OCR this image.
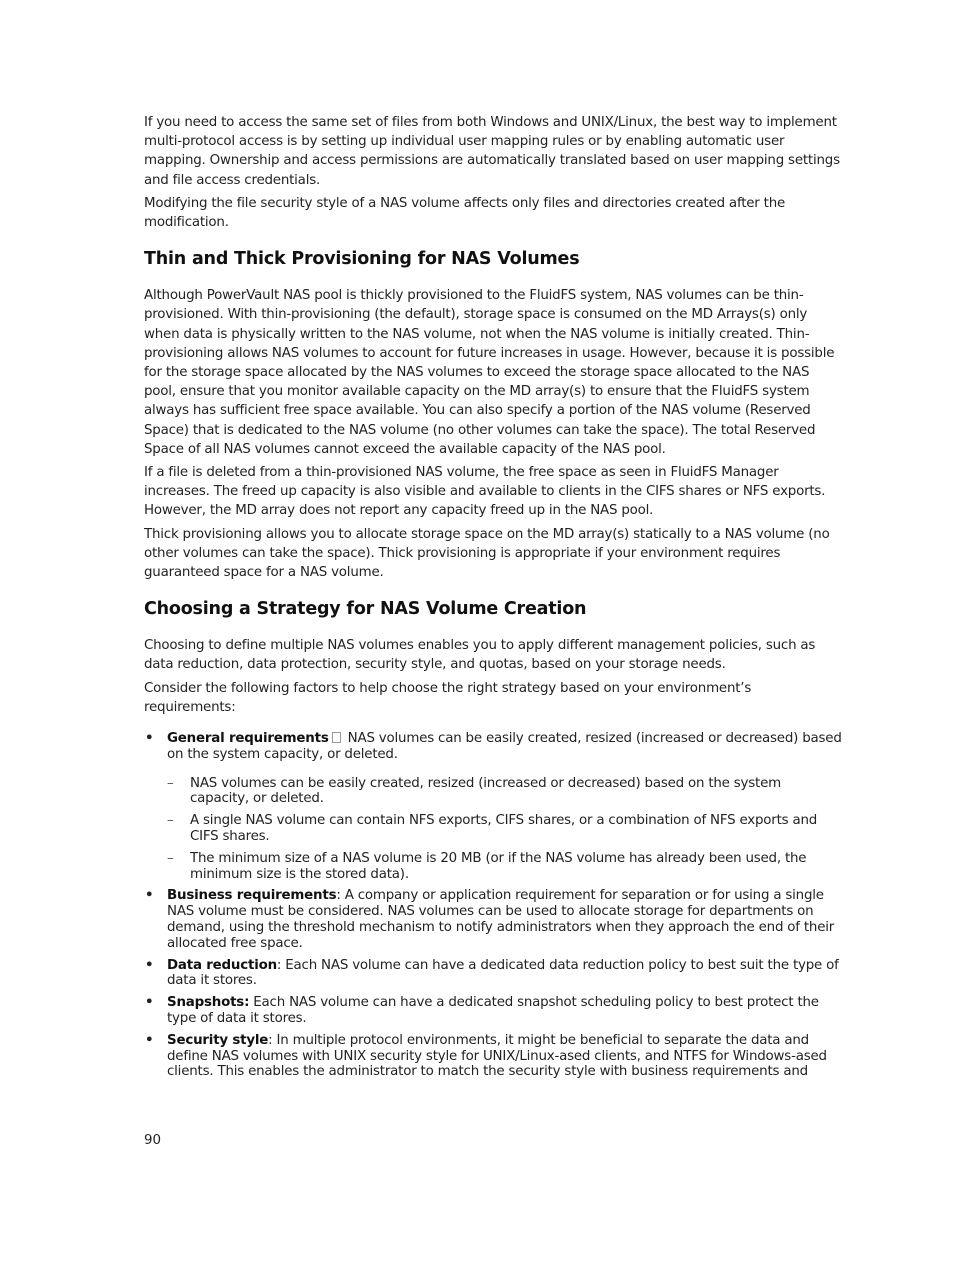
If you need to access the same set of files from both Windows and UNIX/Linux, the best way to implement multi-protocol access is by setting up individual user mapping rules or by enabling automatic user mapping. Ownership and access permissions are automatically translated based on user mapping settings and file access credentials.

Modifying the file security style of a NAS volume affects only files and directories created after the modification.

Thin and Thick Provisioning for NAS Volumes

Although PowerVault NAS pool is thickly provisioned to the FluidFS system, NAS volumes can be thin-provisioned. With thin-provisioning (the default), storage space is consumed on the MD Arrays(s) only when data is physically written to the NAS volume, not when the NAS volume is initially created. Thin-provisioning allows NAS volumes to account for future increases in usage. However, because it is possible for the storage space allocated by the NAS volumes to exceed the storage space allocated to the NAS pool, ensure that you monitor available capacity on the MD array(s) to ensure that the FluidFS system always has sufficient free space available. You can also specify a portion of the NAS volume (Reserved Space) that is dedicated to the NAS volume (no other volumes can take the space). The total Reserved Space of all NAS volumes cannot exceed the available capacity of the NAS pool.

If a file is deleted from a thin-provisioned NAS volume, the free space as seen in FluidFS Manager increases. The freed up capacity is also visible and available to clients in the CIFS shares or NFS exports. However, the MD array does not report any capacity freed up in the NAS pool.

Thick provisioning allows you to allocate storage space on the MD array(s) statically to a NAS volume (no other volumes can take the space). Thick provisioning is appropriate if your environment requires guaranteed space for a NAS volume.

Choosing a Strategy for NAS Volume Creation

Choosing to define multiple NAS volumes enables you to apply different management policies, such as data reduction, data protection, security style, and quotas, based on your storage needs.

Consider the following factors to help choose the right strategy based on your environment’s requirements:

• General requirements NAS volumes can be easily created, resized (increased or decreased) based on the system capacity, or deleted.
– NAS volumes can be easily created, resized (increased or decreased) based on the system capacity, or deleted.
– A single NAS volume can contain NFS exports, CIFS shares, or a combination of NFS exports and CIFS shares.
– The minimum size of a NAS volume is 20 MB (or if the NAS volume has already been used, the minimum size is the stored data).
• Business requirements: A company or application requirement for separation or for using a single NAS volume must be considered. NAS volumes can be used to allocate storage for departments on demand, using the threshold mechanism to notify administrators when they approach the end of their allocated free space.
• Data reduction: Each NAS volume can have a dedicated data reduction policy to best suit the type of data it stores.
• Snapshots: Each NAS volume can have a dedicated snapshot scheduling policy to best protect the type of data it stores.
• Security style: In multiple protocol environments, it might be beneficial to separate the data and define NAS volumes with UNIX security style for UNIX/Linux-ased clients, and NTFS for Windows-ased clients. This enables the administrator to match the security style with business requirements and
90
